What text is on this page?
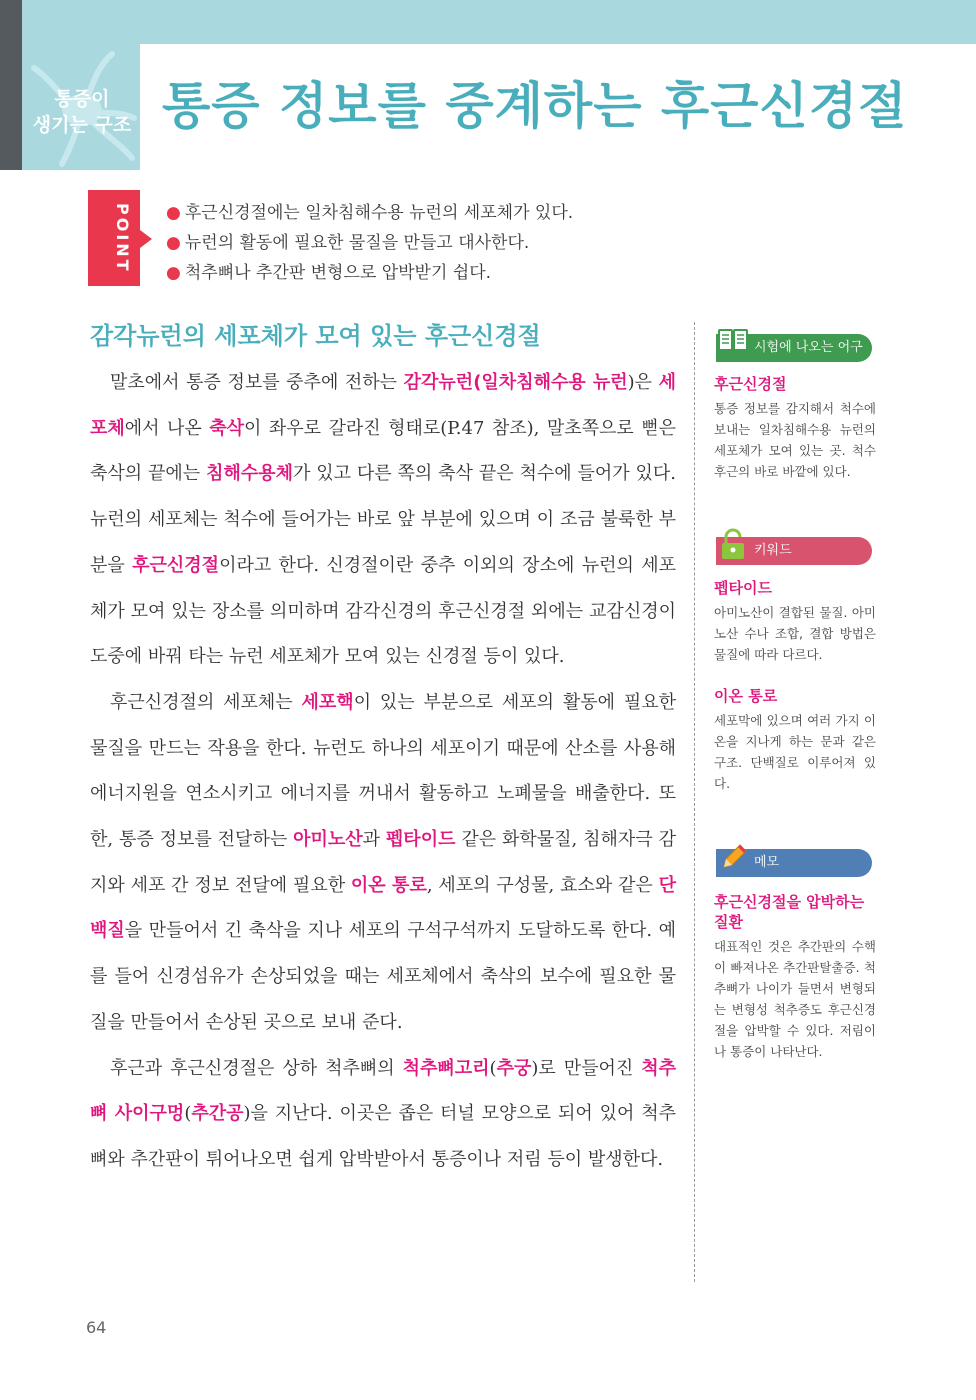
통증이
생기는 구조 통증 정보를 중계하는 후근신경절
POINT ● 후근신경절에는 일차침해수용 뉴런의 세포체가 있다.
● 뉴런의 활동에 필요한 물질을 만들고 대사한다.
● 척추뼈나 추간판 변형으로 압박받기 쉽다.
감각뉴런의 세포체가 모여 있는 후근신경절

말초에서 통증 정보를 중추에 전하는 감각뉴런(일차침해수용 뉴런)은 세포체에서 나온 축삭이 좌우로 갈라진 형태로(P.47 참조), 말초쪽으로 뻗은 축삭의 끝에는 침해수용체가 있고 다른 쪽의 축삭 끝은 척수에 들어가 있다. 뉴런의 세포체는 척수에 들어가는 바로 앞 부분에 있으며 이 조금 불룩한 부분을 후근신경절이라고 한다. 신경절이란 중추 이외의 장소에 뉴런의 세포체가 모여 있는 장소를 의미하며 감각신경의 후근신경절 외에는 교감신경이 도중에 바꿔 타는 뉴런 세포체가 모여 있는 신경절 등이 있다.

후근신경절의 세포체는 세포핵이 있는 부분으로 세포의 활동에 필요한 물질을 만드는 작용을 한다. 뉴런도 하나의 세포이기 때문에 산소를 사용해 에너지원을 연소시키고 에너지를 꺼내서 활동하고 노폐물을 배출한다. 또한, 통증 정보를 전달하는 아미노산과 펩타이드 같은 화학물질, 침해자극 감지와 세포 간 정보 전달에 필요한 이온 통로, 세포의 구성물, 효소와 같은 단백질을 만들어서 긴 축삭을 지나 세포의 구석구석까지 도달하도록 한다. 예를 들어 신경섬유가 손상되었을 때는 세포체에서 축삭의 보수에 필요한 물질을 만들어서 손상된 곳으로 보내 준다.

후근과 후근신경절은 상하 척추뼈의 척추뼈고리(추궁)로 만들어진 척추뼈 사이구멍(추간공)을 지난다. 이곳은 좁은 터널 모양으로 되어 있어 척추뼈와 추간판이 튀어나오면 쉽게 압박받아서 통증이나 저림 등이 발생한다.

시험에 나오는 어구
후근신경절
통증 정보를 감지해서 척수에 보내는 일차침해수용 뉴런의 세포체가 모여 있는 곳. 척수 후근의 바로 바깥에 있다.
키워드
펩타이드
아미노산이 결합된 물질. 아미노산 수나 조합, 결합 방법은 물질에 따라 다르다.
이온 통로
세포막에 있으며 여러 가지 이온을 지나게 하는 문과 같은 구조. 단백질로 이루어져 있다.
메모
후근신경절을 압박하는 질환
대표적인 것은 추간판의 수핵이 빠져나온 추간판탈출증. 척추뼈가 나이가 들면서 변형되는 변형성 척추증도 후근신경절을 압박할 수 있다. 저림이나 통증이 나타난다.
64
